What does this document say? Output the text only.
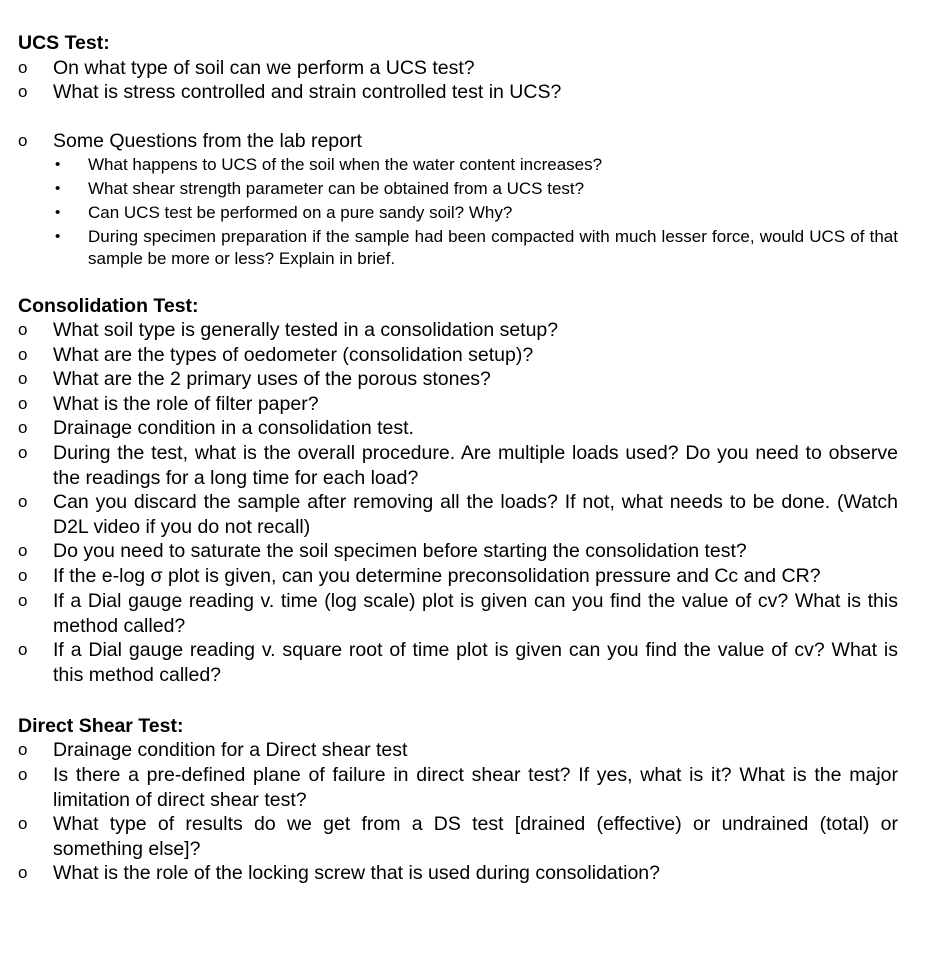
UCS Test:
o	On what type of soil can we perform a UCS test?
o	What is stress controlled and strain controlled test in UCS?
o	Some Questions from the lab report
• What happens to UCS of the soil when the water content increases?
• What shear strength parameter can be obtained from a UCS test?
• Can UCS test be performed on a pure sandy soil? Why?
• During specimen preparation if the sample had been compacted with much lesser force, would UCS of that sample be more or less? Explain in brief.
Consolidation Test:
o	What soil type is generally tested in a consolidation setup?
o	What are the types of oedometer (consolidation setup)?
o	What are the 2 primary uses of the porous stones?
o	What is the role of filter paper?
o	Drainage condition in a consolidation test.
o	During the test, what is the overall procedure. Are multiple loads used? Do you need to observe the readings for a long time for each load?
o	Can you discard the sample after removing all the loads? If not, what needs to be done. (Watch D2L video if you do not recall)
o	Do you need to saturate the soil specimen before starting the consolidation test?
o	If the e-log σ plot is given, can you determine preconsolidation pressure and Cc and CR?
o	If a Dial gauge reading v. time (log scale) plot is given can you find the value of cv? What is this method called?
o	If a Dial gauge reading v. square root of time plot is given can you find the value of cv? What is this method called?
Direct Shear Test:
o	Drainage condition for a Direct shear test
o	Is there a pre-defined plane of failure in direct shear test? If yes, what is it? What is the major limitation of direct shear test?
o	What type of results do we get from a DS test [drained (effective) or undrained (total) or something else]?
o	What is the role of the locking screw that is used during consolidation?
